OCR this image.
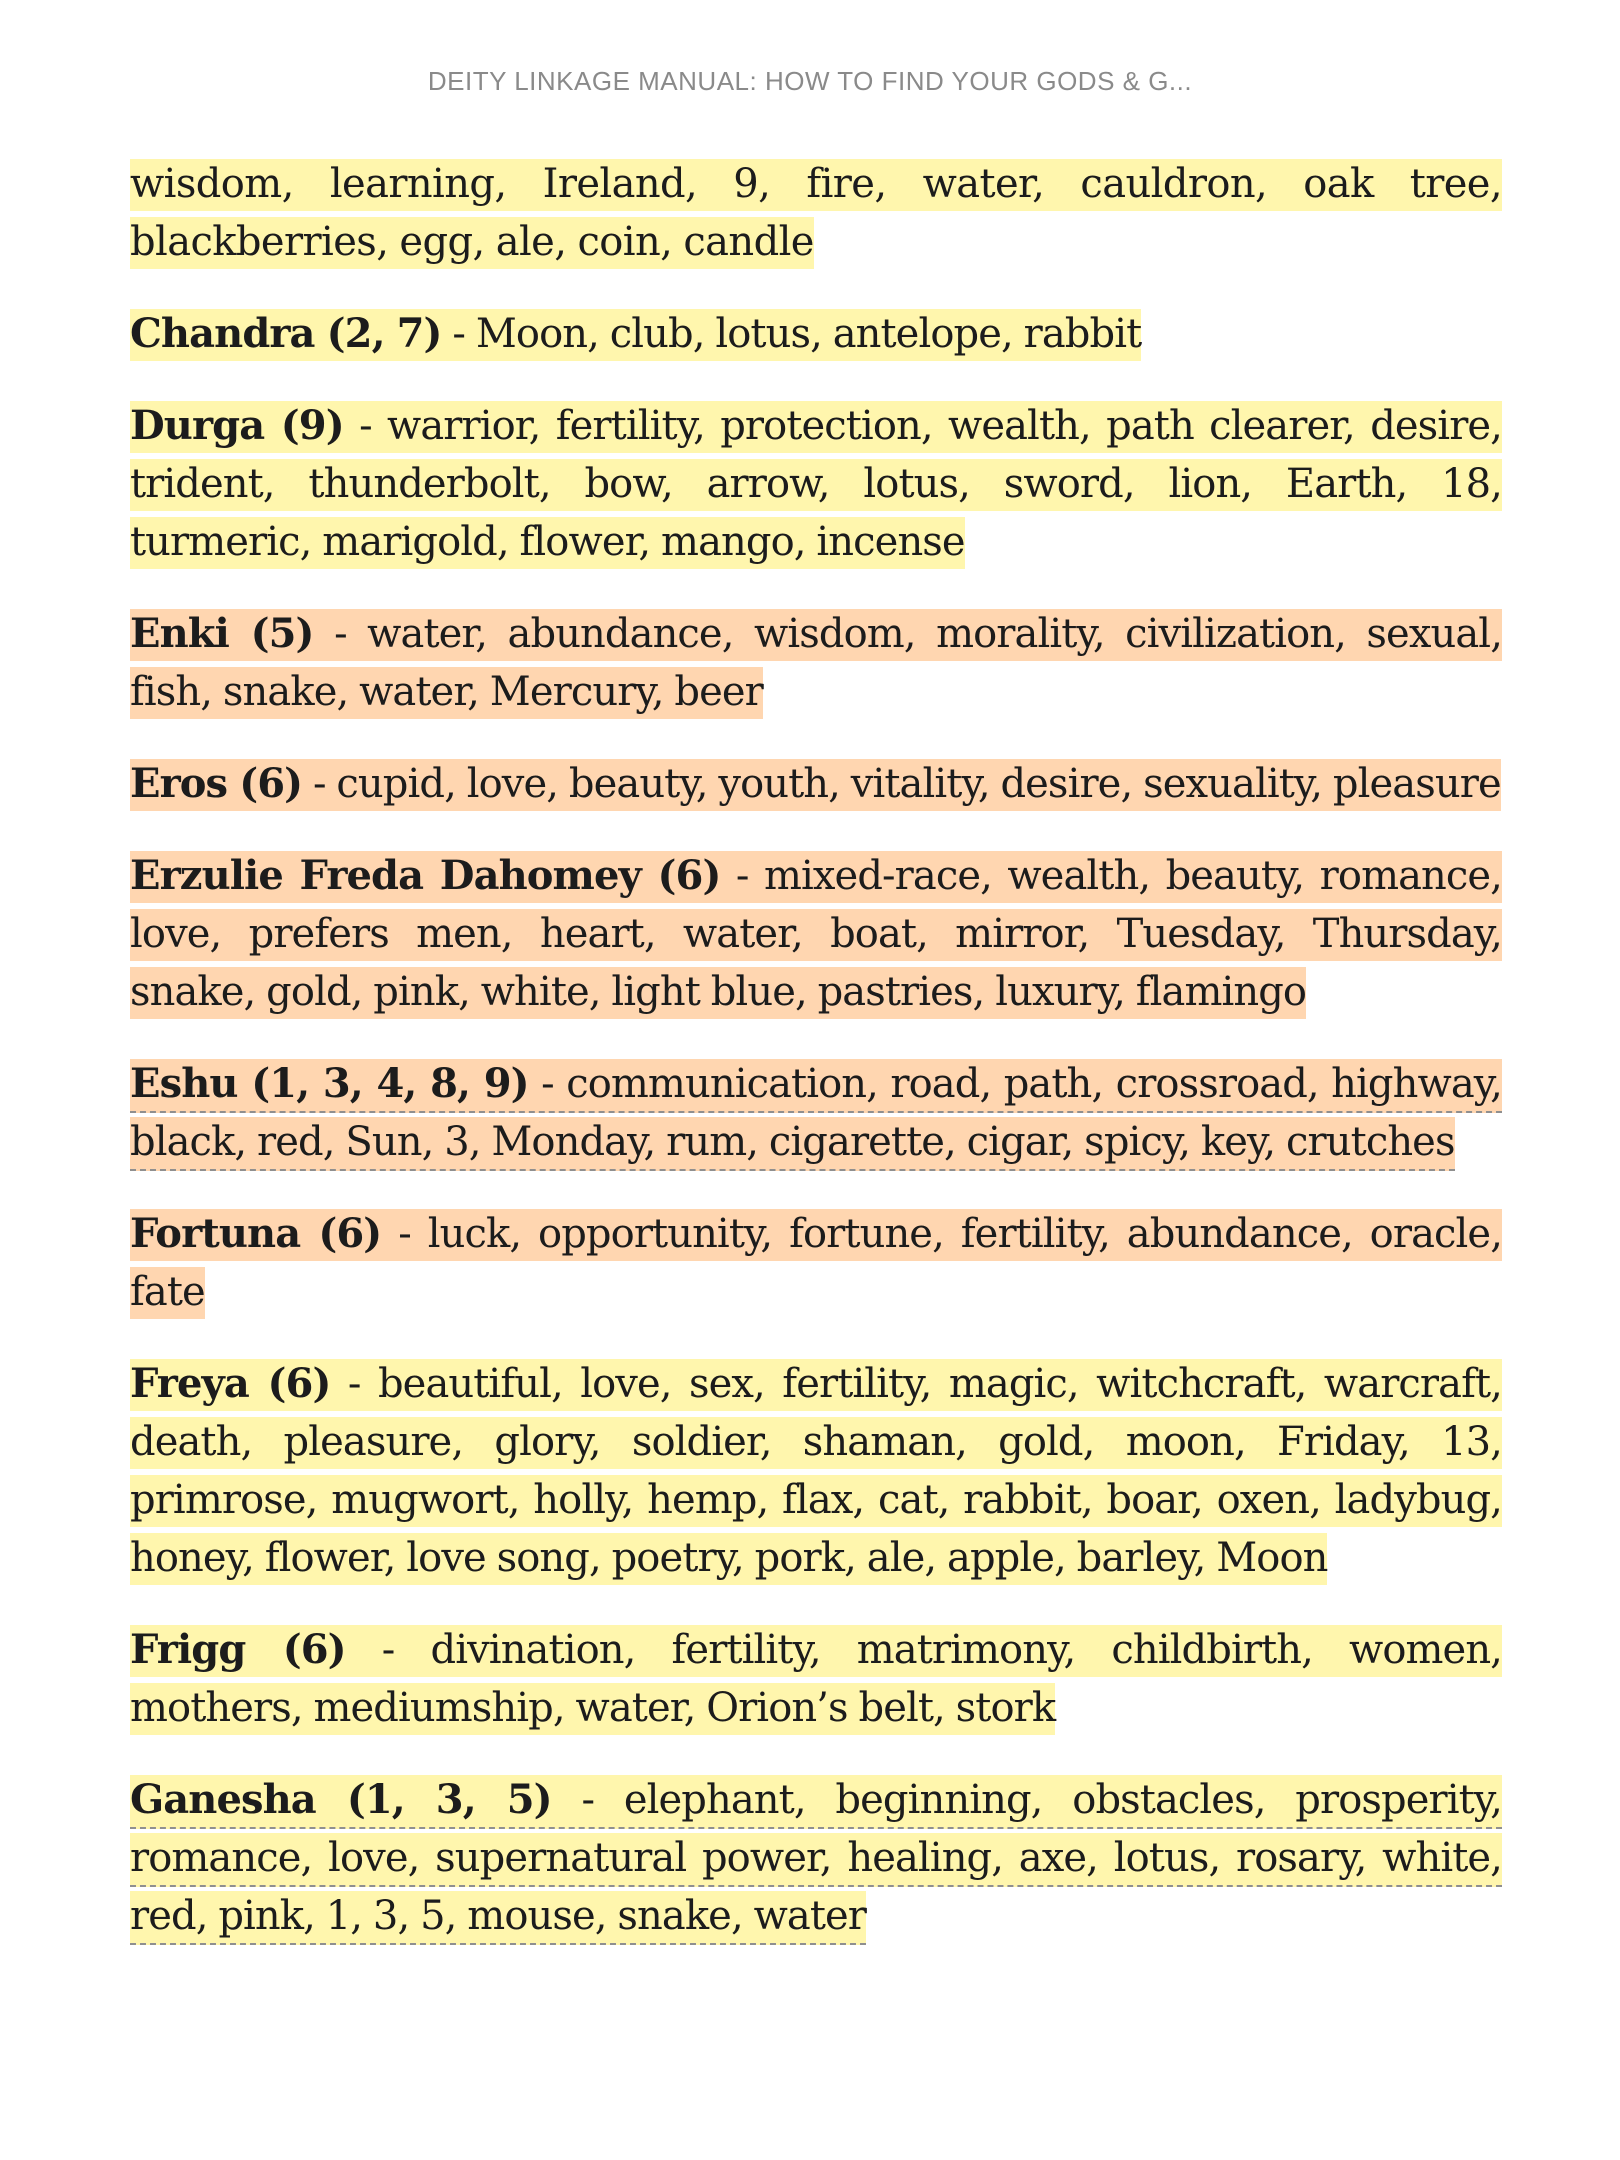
DEITY LINKAGE MANUAL: HOW TO FIND YOUR GODS & G...

wisdom, learning, Ireland, 9, fire, water, cauldron, oak tree, blackberries, egg, ale, coin, candle

Chandra (2, 7) - Moon, club, lotus, antelope, rabbit

Durga (9) - warrior, fertility, protection, wealth, path clearer, desire, trident, thunderbolt, bow, arrow, lotus, sword, lion, Earth, 18, turmeric, marigold, flower, mango, incense

Enki (5) - water, abundance, wisdom, morality, civilization, sexual, fish, snake, water, Mercury, beer

Eros (6) - cupid, love, beauty, youth, vitality, desire, sexuality, pleasure

Erzulie Freda Dahomey (6) - mixed-race, wealth, beauty, romance, love, prefers men, heart, water, boat, mirror, Tuesday, Thursday, snake, gold, pink, white, light blue, pastries, luxury, flamingo

Eshu (1, 3, 4, 8, 9) - communication, road, path, crossroad, highway, black, red, Sun, 3, Monday, rum, cigarette, cigar, spicy, key, crutches

Fortuna (6) - luck, opportunity, fortune, fertility, abundance, oracle, fate

Freya (6) - beautiful, love, sex, fertility, magic, witchcraft, warcraft, death, pleasure, glory, soldier, shaman, gold, moon, Friday, 13, primrose, mugwort, holly, hemp, flax, cat, rabbit, boar, oxen, ladybug, honey, flower, love song, poetry, pork, ale, apple, barley, Moon

Frigg (6) - divination, fertility, matrimony, childbirth, women, mothers, mediumship, water, Orion’s belt, stork

Ganesha (1, 3, 5) - elephant, beginning, obstacles, prosperity, romance, love, supernatural power, healing, axe, lotus, rosary, white, red, pink, 1, 3, 5, mouse, snake, water
